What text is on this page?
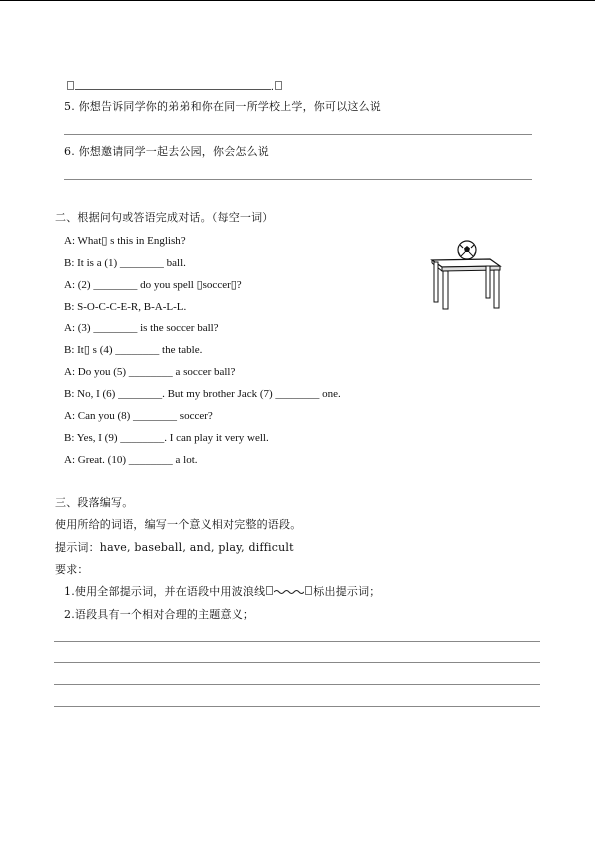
.
5. 你想告诉同学你的弟弟和你在同一所学校上学，你可以这么说
6. 你想邀请同学一起去公园，你会怎么说
二、根据问句或答语完成对话。（每空一词）
A: What▯ s this in English?
B: It is a (1) ________ ball.
A: (2) ________ do you spell ▯soccer▯?
B: S-O-C-C-E-R, B-A-L-L.
A: (3) ________ is the soccer ball?
B: It▯ s (4) ________ the table.
A: Do you (5) ________ a soccer ball?
B: No, I (6) ________. But my brother Jack (7) ________ one.
A: Can you (8) ________ soccer?
B: Yes, I (9) ________. I can play it very well.
A: Great. (10) ________ a lot.
三、段落编写。
使用所给的词语，编写一个意义相对完整的语段。
提示词：have, baseball, and, play, difficult
要求：
1.使用全部提示词，并在语段中用波浪线	标出提示词；
2.语段具有一个相对合理的主题意义；
